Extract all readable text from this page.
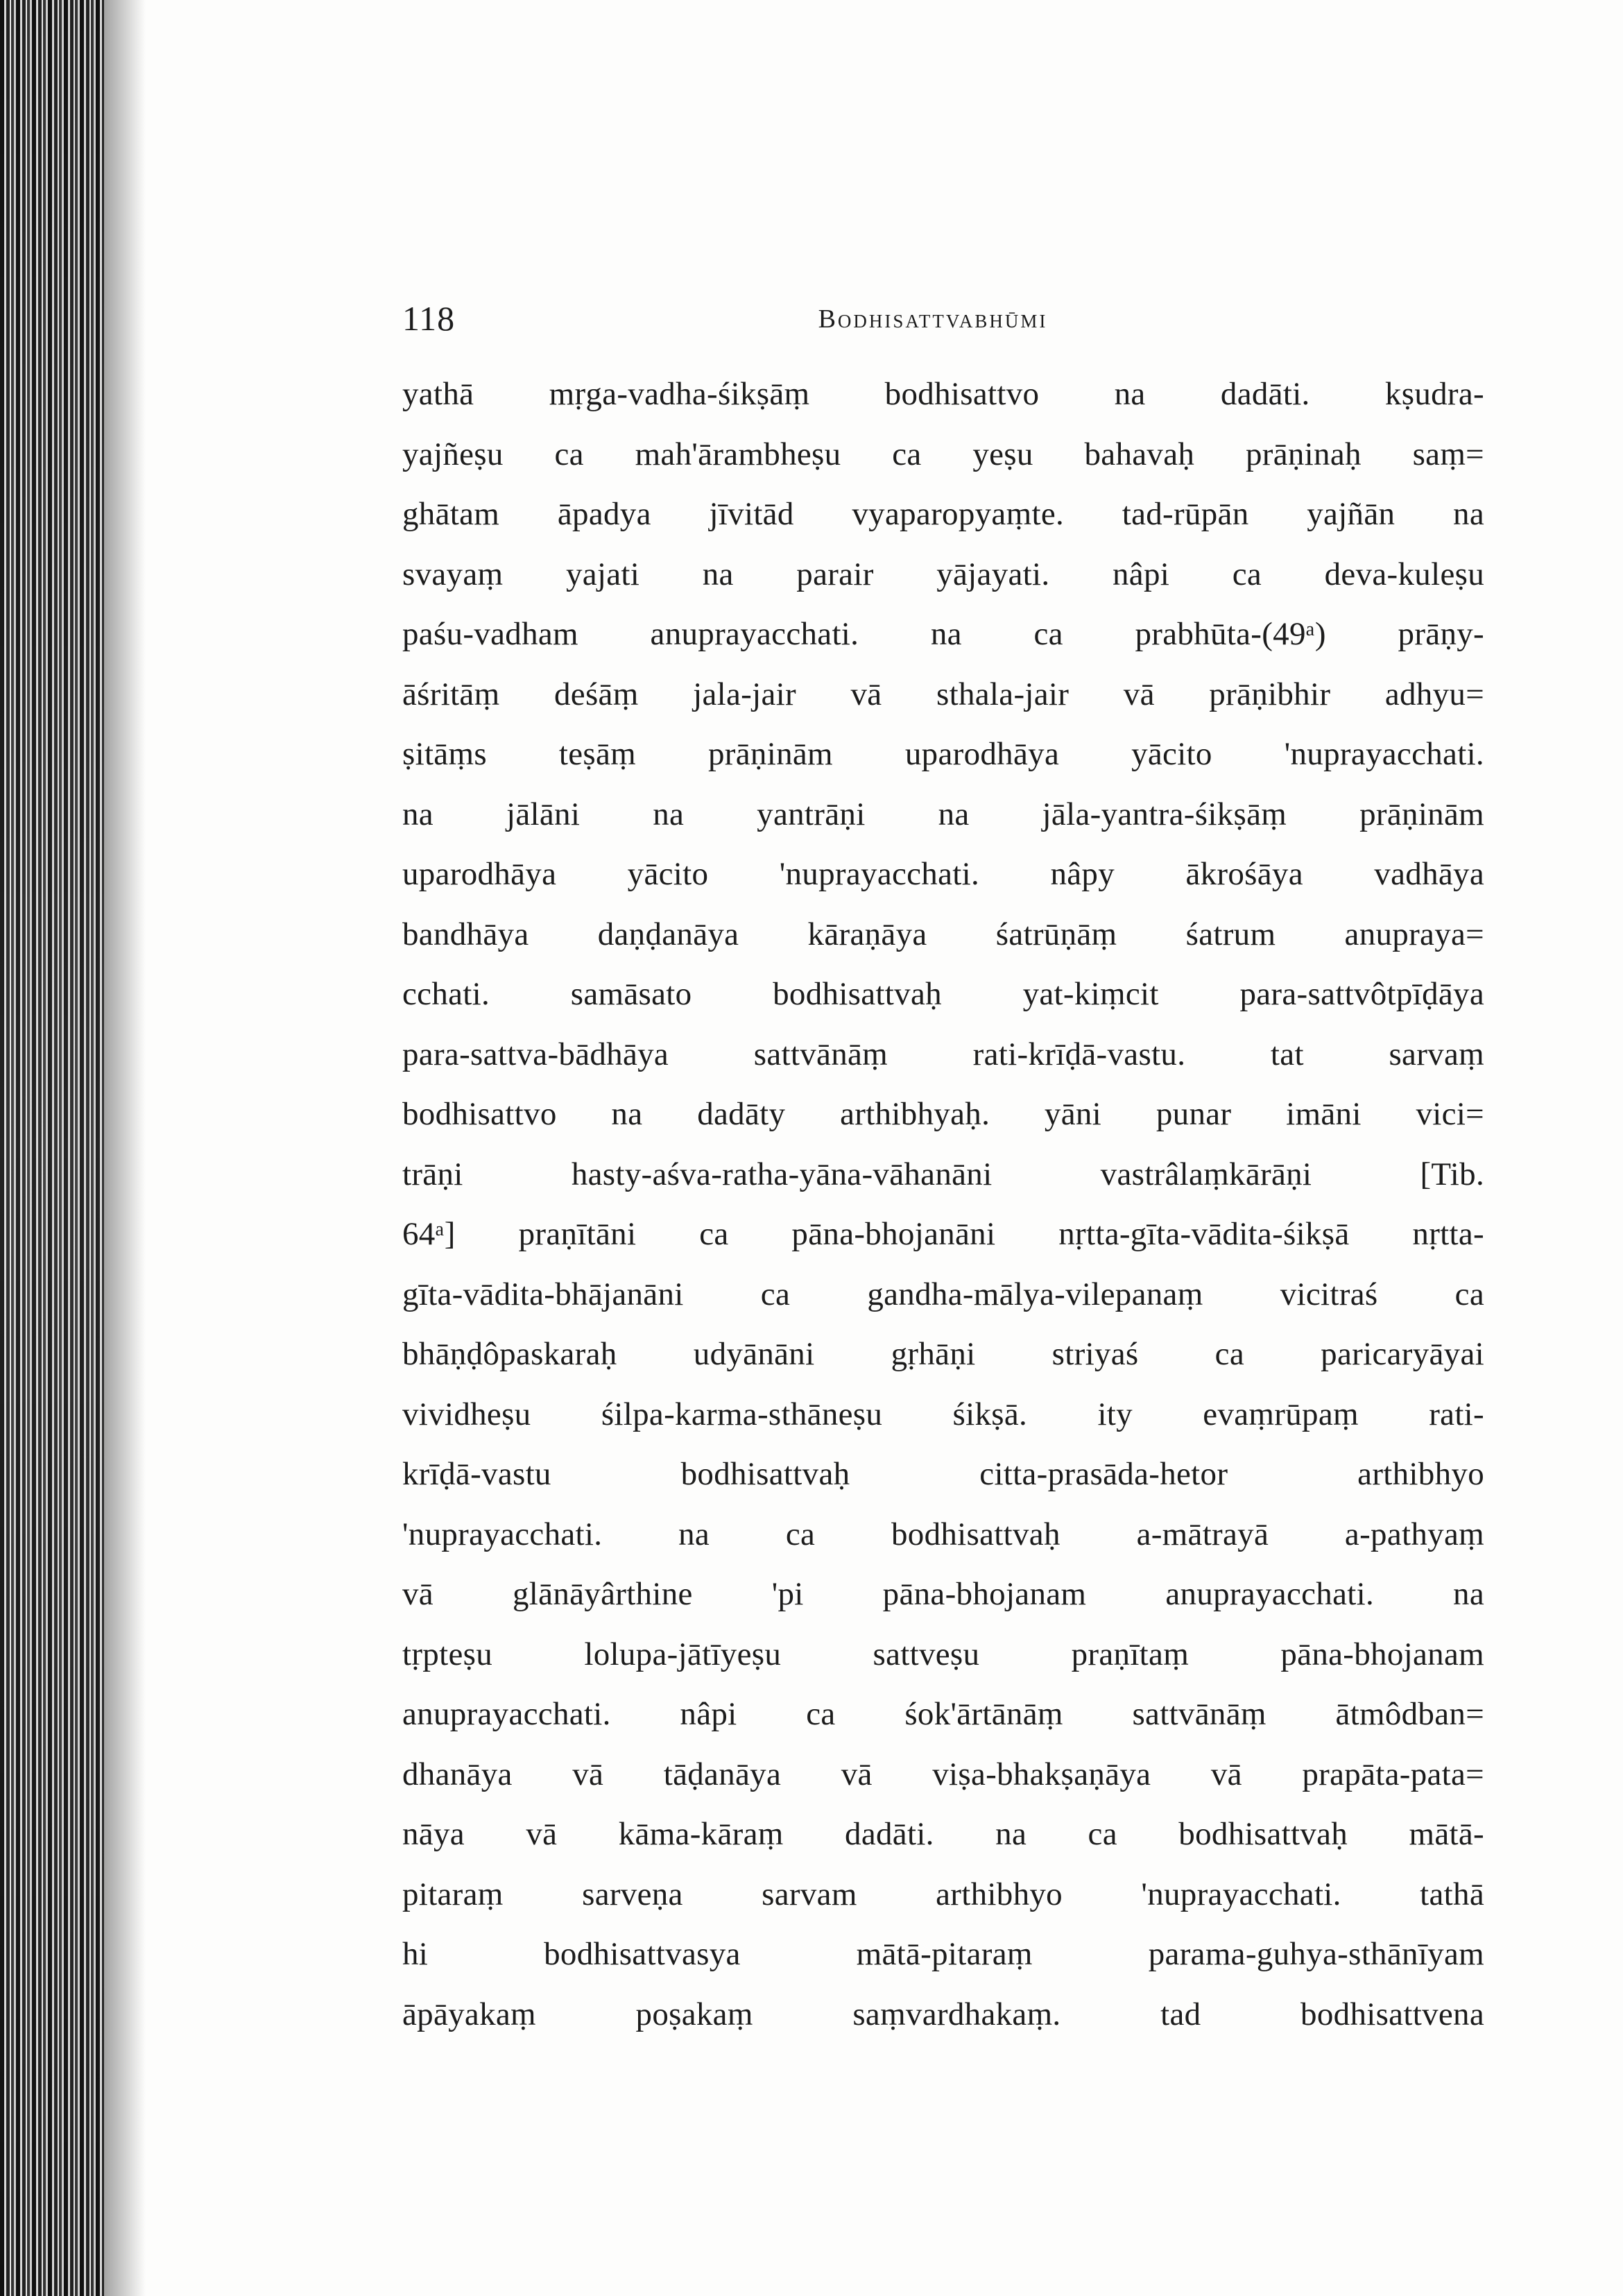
118	Bodhisattvabhūmi
yathā mṛga-vadha-śikṣāṃ bodhisattvo na dadāti. kṣudra-
yajñeṣu ca mah'ārambheṣu ca yeṣu bahavaḥ prāṇinaḥ saṃ=
ghātam āpadya jīvitād vyaparopyaṃte. tad-rūpān yajñān na
svayaṃ yajati na parair yājayati. nâpi ca deva-kuleṣu
paśu-vadham anuprayacchati. na ca prabhūta-(49ᵃ) prāṇy-
āśritāṃ deśāṃ jala-jair vā sthala-jair vā prāṇibhir adhyu=
ṣitāṃs teṣāṃ prāṇinām uparodhāya yācito 'nuprayacchati.
na jālāni na yantrāṇi na jāla-yantra-śikṣāṃ prāṇinām
uparodhāya yācito 'nuprayacchati. nâpy ākrośāya vadhāya
bandhāya daṇḍanāya kāraṇāya śatrūṇāṃ śatrum anupraya=
cchati. samāsato bodhisattvaḥ yat-kiṃcit para-sattvôtpīḍāya
para-sattva-bādhāya sattvānāṃ rati-krīḍā-vastu. tat sarvaṃ
bodhisattvo na dadāty arthibhyaḥ. yāni punar imāni vici=
trāṇi hasty-aśva-ratha-yāna-vāhanāni vastrâlaṃkārāṇi [Tib.
64ᵃ] praṇītāni ca pāna-bhojanāni nṛtta-gīta-vādita-śikṣā nṛtta-
gīta-vādita-bhājanāni ca gandha-mālya-vilepanaṃ vicitraś ca
bhāṇḍôpaskaraḥ udyānāni gṛhāṇi striyaś ca paricaryāyai
vividheṣu śilpa-karma-sthāneṣu śikṣā. ity evaṃrūpaṃ rati-
krīḍā-vastu bodhisattvaḥ citta-prasāda-hetor arthibhyo
'nuprayacchati. na ca bodhisattvaḥ a-mātrayā a-pathyaṃ
vā glānāyârthine 'pi pāna-bhojanam anuprayacchati. na
tṛpteṣu lolupa-jātīyeṣu sattveṣu praṇītaṃ pāna-bhojanam
anuprayacchati. nâpi ca śok'ārtānāṃ sattvānāṃ ātmôdban=
dhanāya vā tāḍanāya vā viṣa-bhakṣaṇāya vā prapāta-pata=
nāya vā kāma-kāraṃ dadāti. na ca bodhisattvaḥ mātā-
pitaraṃ sarveṇa sarvam arthibhyo 'nuprayacchati. tathā
hi bodhisattvasya mātā-pitaraṃ parama-guhya-sthānīyam
āpāyakaṃ poṣakaṃ saṃvardhakaṃ. tad bodhisattvena
